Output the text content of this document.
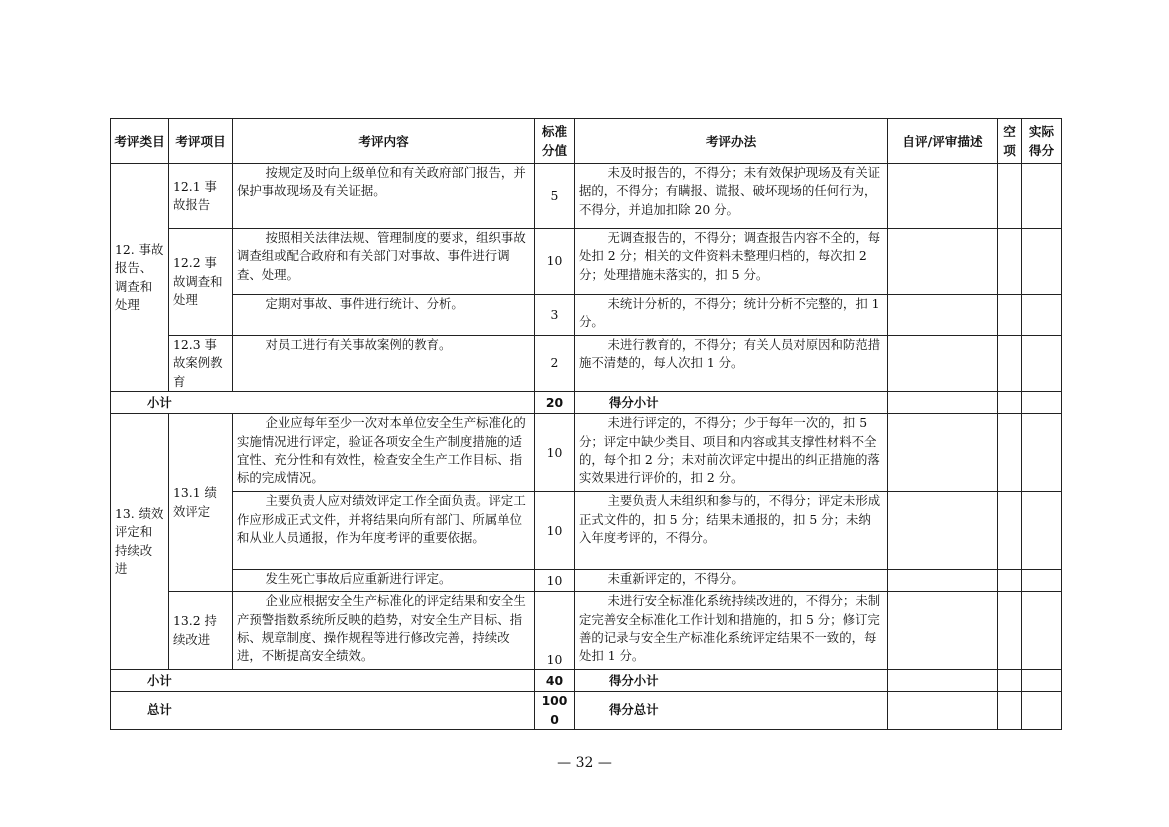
考评类目	考评项目	考评内容	标准分值	考评办法	自评/评审描述	空项	实际得分
12. 事故报告、调查和处理	12.1 事故报告	按规定及时向上级单位和有关政府部门报告，并保护事故现场及有关证据。	5	未及时报告的，不得分；未有效保护现场及有关证据的，不得分；有瞒报、谎报、破坏现场的任何行为，不得分，并追加扣除 20 分。			
	12.2 事故调查和处理	按照相关法律法规、管理制度的要求，组织事故调查组或配合政府和有关部门对事故、事件进行调查、处理。	10	无调查报告的，不得分；调查报告内容不全的，每处扣 2 分；相关的文件资料未整理归档的，每次扣 2 分；处理措施未落实的，扣 5 分。			
		定期对事故、事件进行统计、分析。	3	未统计分析的，不得分；统计分析不完整的，扣 1 分。			
	12.3 事故案例教育	对员工进行有关事故案例的教育。	2	未进行教育的，不得分；有关人员对原因和防范措施不清楚的，每人次扣 1 分。			
小计			20	得分小计			
13. 绩效评定和持续改进	13.1 绩效评定	企业应每年至少一次对本单位安全生产标准化的实施情况进行评定，验证各项安全生产制度措施的适宜性、充分性和有效性，检查安全生产工作目标、指标的完成情况。	10	未进行评定的，不得分；少于每年一次的，扣 5 分；评定中缺少类目、项目和内容或其支撑性材料不全的，每个扣 2 分；未对前次评定中提出的纠正措施的落实效果进行评价的，扣 2 分。			
		主要负责人应对绩效评定工作全面负责。评定工作应形成正式文件，并将结果向所有部门、所属单位和从业人员通报，作为年度考评的重要依据。	10	主要负责人未组织和参与的，不得分；评定未形成正式文件的，扣 5 分；结果未通报的，扣 5 分；未纳入年度考评的，不得分。			
		发生死亡事故后应重新进行评定。	10	未重新评定的，不得分。			
	13.2 持续改进	企业应根据安全生产标准化的评定结果和安全生产预警指数系统所反映的趋势，对安全生产目标、指标、规章制度、操作规程等进行修改完善，持续改进，不断提高安全绩效。	10	未进行安全标准化系统持续改进的，不得分；未制定完善安全标准化工作计划和措施的，扣 5 分；修订完善的记录与安全生产标准化系统评定结果不一致的，每处扣 1 分。			
小计			40	得分小计			
总计			1000	得分总计			
— 32 —
